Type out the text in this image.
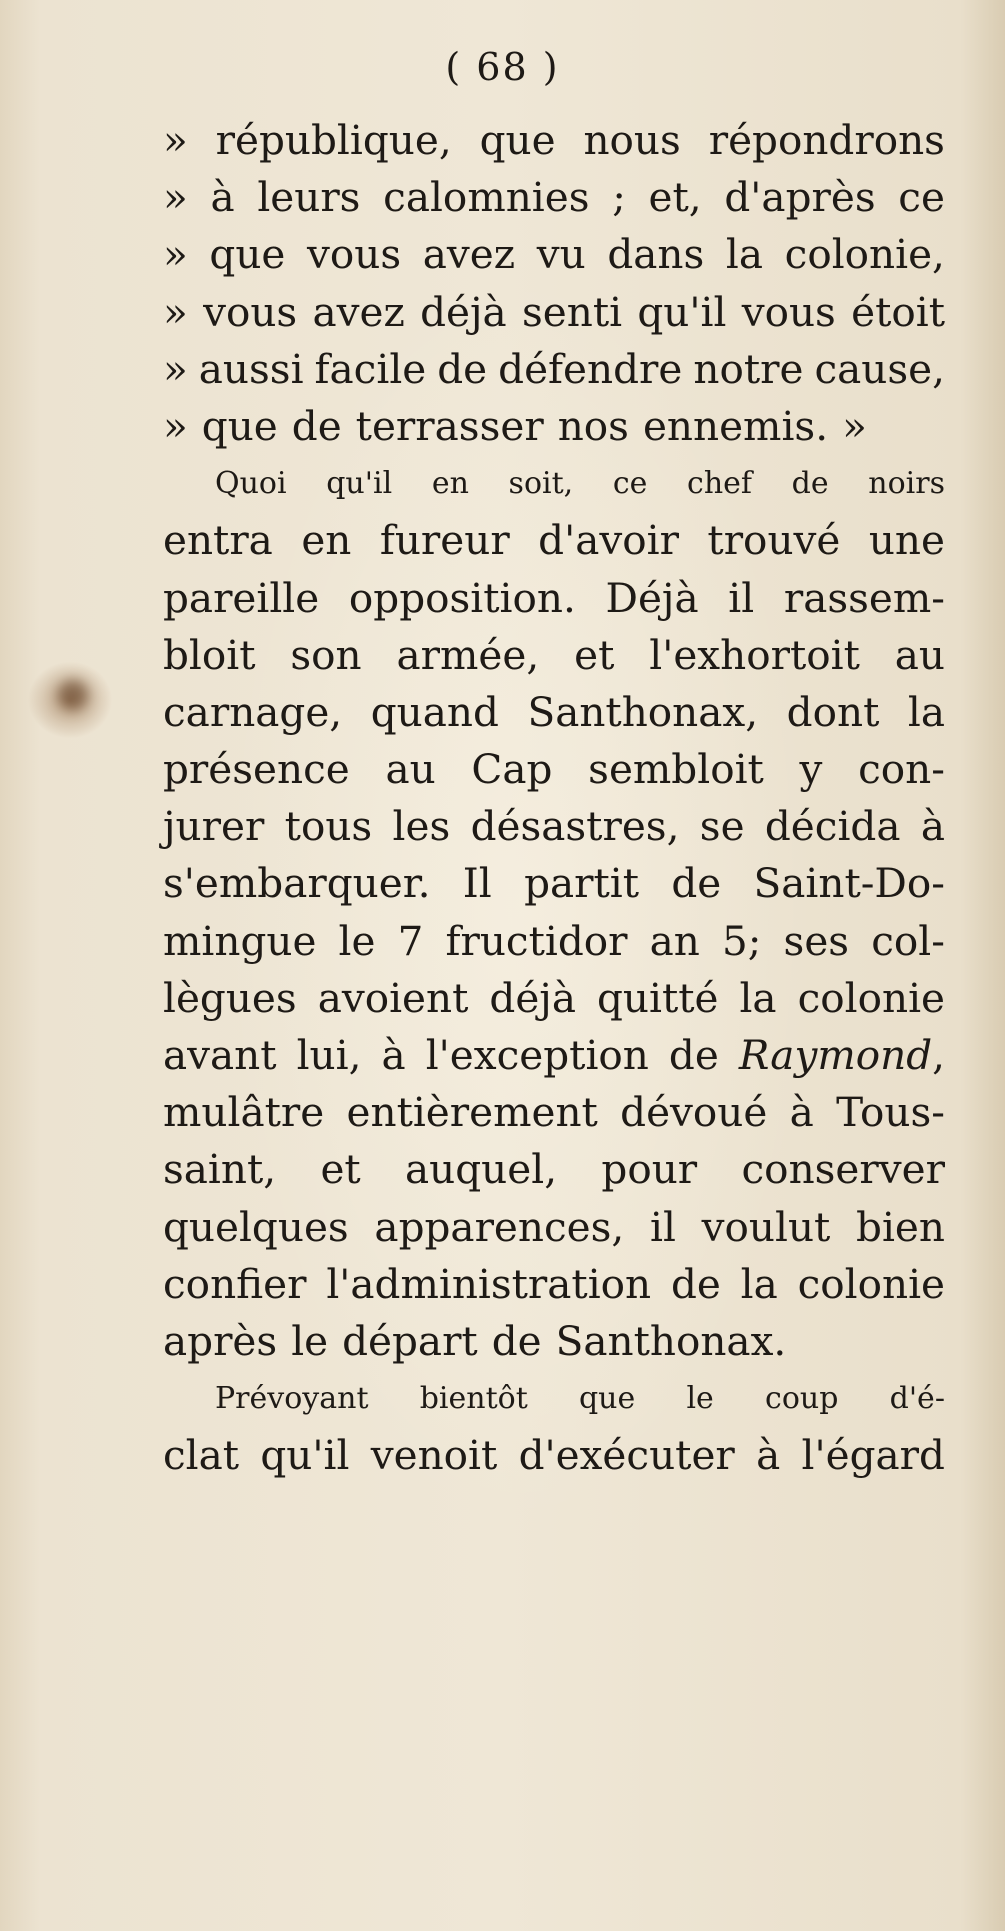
( 68 )
» république, que nous répondrons
» à leurs calomnies ; et, d'après ce
» que vous avez vu dans la colonie,
» vous avez déjà senti qu'il vous étoit
» aussi facile de défendre notre cause,
» que de terrasser nos ennemis. »
Quoi qu'il en soit, ce chef de noirs
entra en fureur d'avoir trouvé une
pareille opposition. Déjà il rassem-
bloit son armée, et l'exhortoit au
carnage, quand Santhonax, dont la
présence au Cap sembloit y con-
jurer tous les désastres, se décida à
s'embarquer. Il partit de Saint-Do-
mingue le 7 fructidor an 5; ses col-
lègues avoient déjà quitté la colonie
avant lui, à l'exception de Raymond,
mulâtre entièrement dévoué à Tous-
saint, et auquel, pour conserver
quelques apparences, il voulut bien
confier l'administration de la colonie
après le départ de Santhonax.
Prévoyant bientôt que le coup d'é-
clat qu'il venoit d'exécuter à l'égard
